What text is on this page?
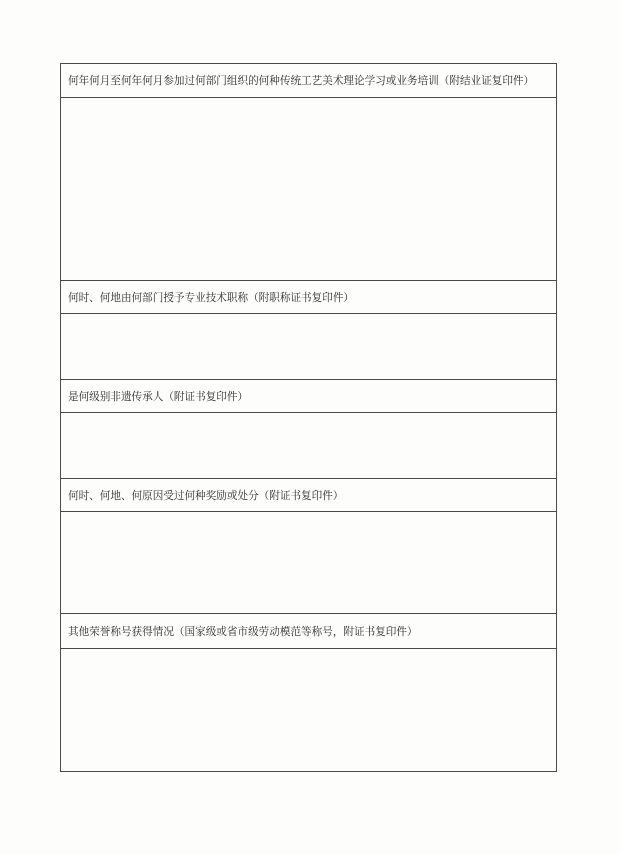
何年何月至何年何月参加过何部门组织的何种传统工艺美术理论学习或业务培训（附结业证复印件）
何时、何地由何部门授予专业技术职称（附职称证书复印件）
是何级别非遗传承人（附证书复印件）
何时、何地、何原因受过何种奖励或处分（附证书复印件）
其他荣誉称号获得情况（国家级或省市级劳动模范等称号，附证书复印件）
